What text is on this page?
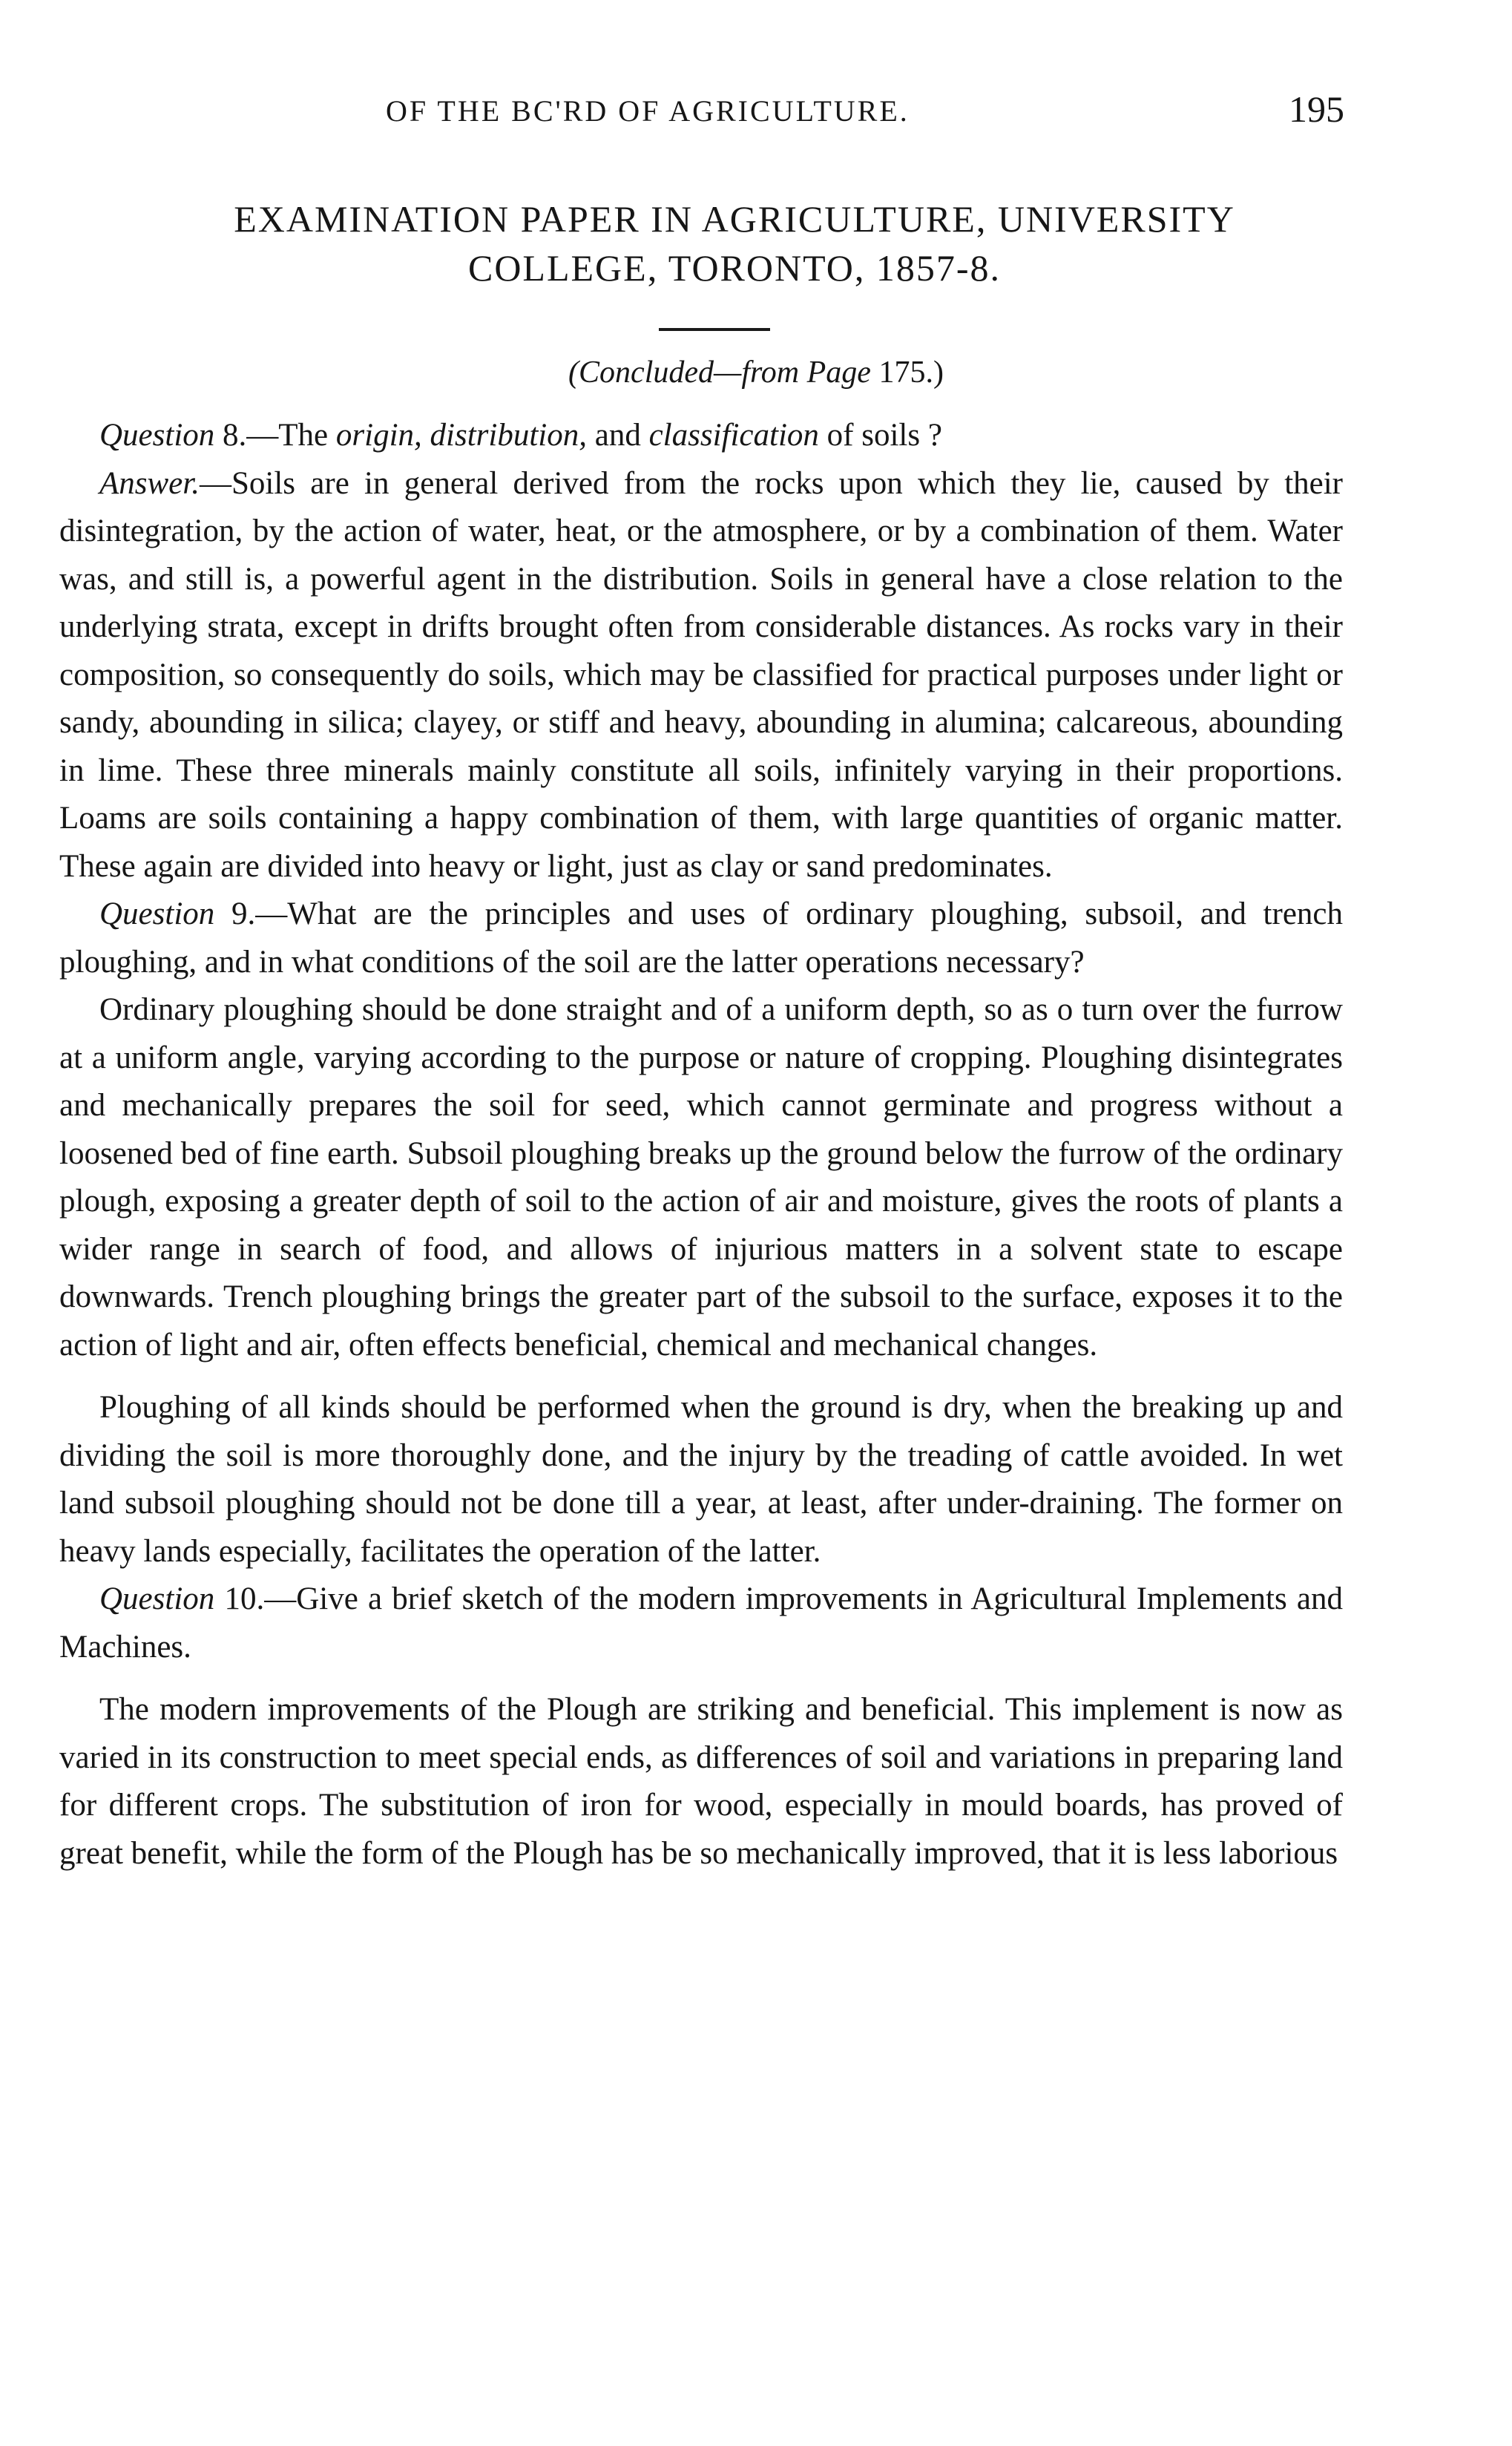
OF THE BC'RD OF AGRICULTURE.	195
EXAMINATION PAPER IN AGRICULTURE, UNIVERSITY
COLLEGE, TORONTO, 1857-8.
(Concluded—from Page 175.)

Question 8.—The origin, distribution, and classification of soils ?

Answer.—Soils are in general derived from the rocks upon which they lie, caused by their disintegration, by the action of water, heat, or the atmosphere, or by a combination of them. Water was, and still is, a powerful agent in the distribution. Soils in general have a close relation to the underlying strata, except in drifts brought often from considerable distances. As rocks vary in their composition, so consequently do soils, which may be classified for practical purposes under light or sandy, abounding in silica; clayey, or stiff and heavy, abounding in alumina; calcareous, abounding in lime. These three minerals mainly constitute all soils, infinitely varying in their proportions. Loams are soils containing a happy combination of them, with large quantities of organic matter. These again are divided into heavy or light, just as clay or sand predominates.

Question 9.—What are the principles and uses of ordinary ploughing, subsoil, and trench ploughing, and in what conditions of the soil are the latter operations necessary?

Ordinary ploughing should be done straight and of a uniform depth, so as o turn over the furrow at a uniform angle, varying according to the purpose or nature of cropping. Ploughing disintegrates and mechanically prepares the soil for seed, which cannot germinate and progress without a loosened bed of fine earth. Subsoil ploughing breaks up the ground below the furrow of the ordinary plough, exposing a greater depth of soil to the action of air and moisture, gives the roots of plants a wider range in search of food, and allows of injurious matters in a solvent state to escape downwards. Trench ploughing brings the greater part of the subsoil to the surface, exposes it to the action of light and air, often effects beneficial, chemical and mechanical changes.

Ploughing of all kinds should be performed when the ground is dry, when the breaking up and dividing the soil is more thoroughly done, and the injury by the treading of cattle avoided. In wet land subsoil ploughing should not be done till a year, at least, after under-draining. The former on heavy lands especially, facilitates the operation of the latter.

Question 10.—Give a brief sketch of the modern improvements in Agricultural Implements and Machines.

The modern improvements of the Plough are striking and beneficial. This implement is now as varied in its construction to meet special ends, as differences of soil and variations in preparing land for different crops. The substitution of iron for wood, especially in mould boards, has proved of great benefit, while the form of the Plough has be so mechanically improved, that it is less laborious
